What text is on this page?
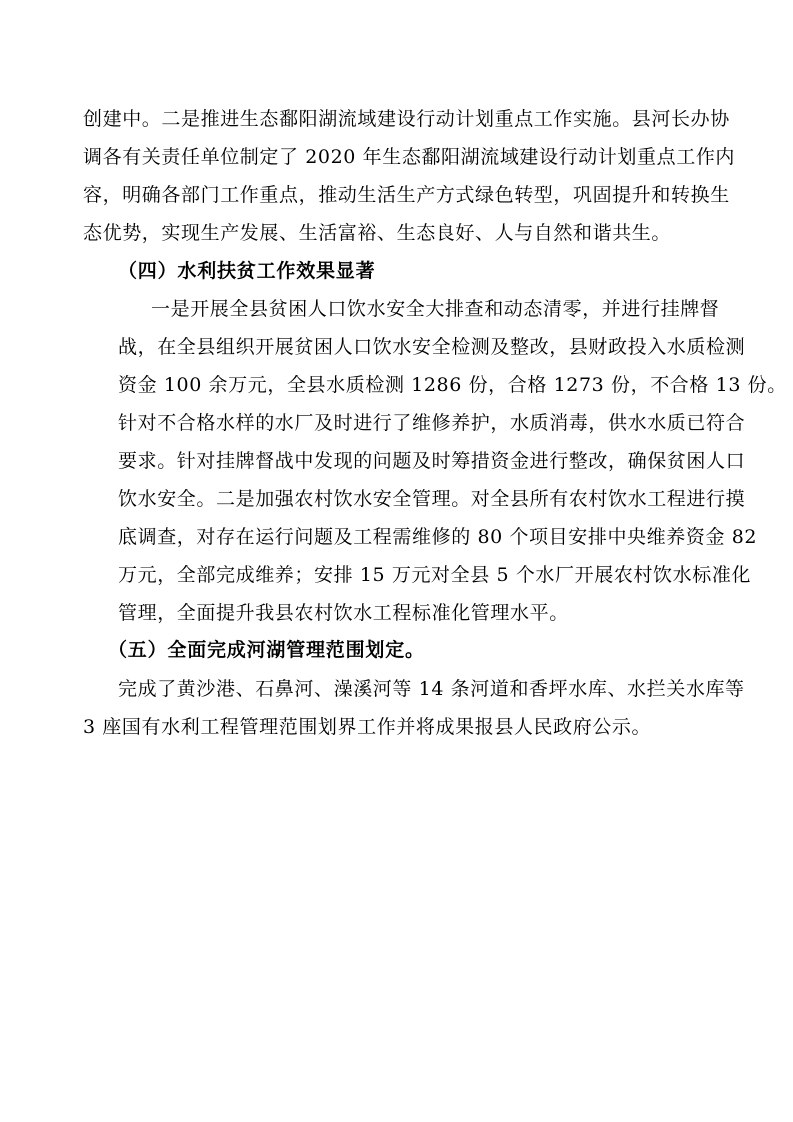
创建中。二是推进生态鄱阳湖流域建设行动计划重点工作实施。县河长办协
调各有关责任单位制定了 2020 年生态鄱阳湖流域建设行动计划重点工作内
容，明确各部门工作重点，推动生活生产方式绿色转型，巩固提升和转换生
态优势，实现生产发展、生活富裕、生态良好、人与自然和谐共生。
（四）水利扶贫工作效果显著
一是开展全县贫困人口饮水安全大排查和动态清零，并进行挂牌督
战，在全县组织开展贫困人口饮水安全检测及整改，县财政投入水质检测
资金 100 余万元，全县水质检测 1286 份，合格 1273 份，不合格 13 份。
针对不合格水样的水厂及时进行了维修养护，水质消毒，供水水质已符合
要求。针对挂牌督战中发现的问题及时筹措资金进行整改，确保贫困人口
饮水安全。二是加强农村饮水安全管理。对全县所有农村饮水工程进行摸
底调查，对存在运行问题及工程需维修的 80 个项目安排中央维养资金 82
万元，全部完成维养；安排 15 万元对全县 5 个水厂开展农村饮水标准化
管理，全面提升我县农村饮水工程标准化管理水平。
（五）全面完成河湖管理范围划定。
完成了黄沙港、石鼻河、澡溪河等 14 条河道和香坪水库、水拦关水库等
3 座国有水利工程管理范围划界工作并将成果报县人民政府公示。
